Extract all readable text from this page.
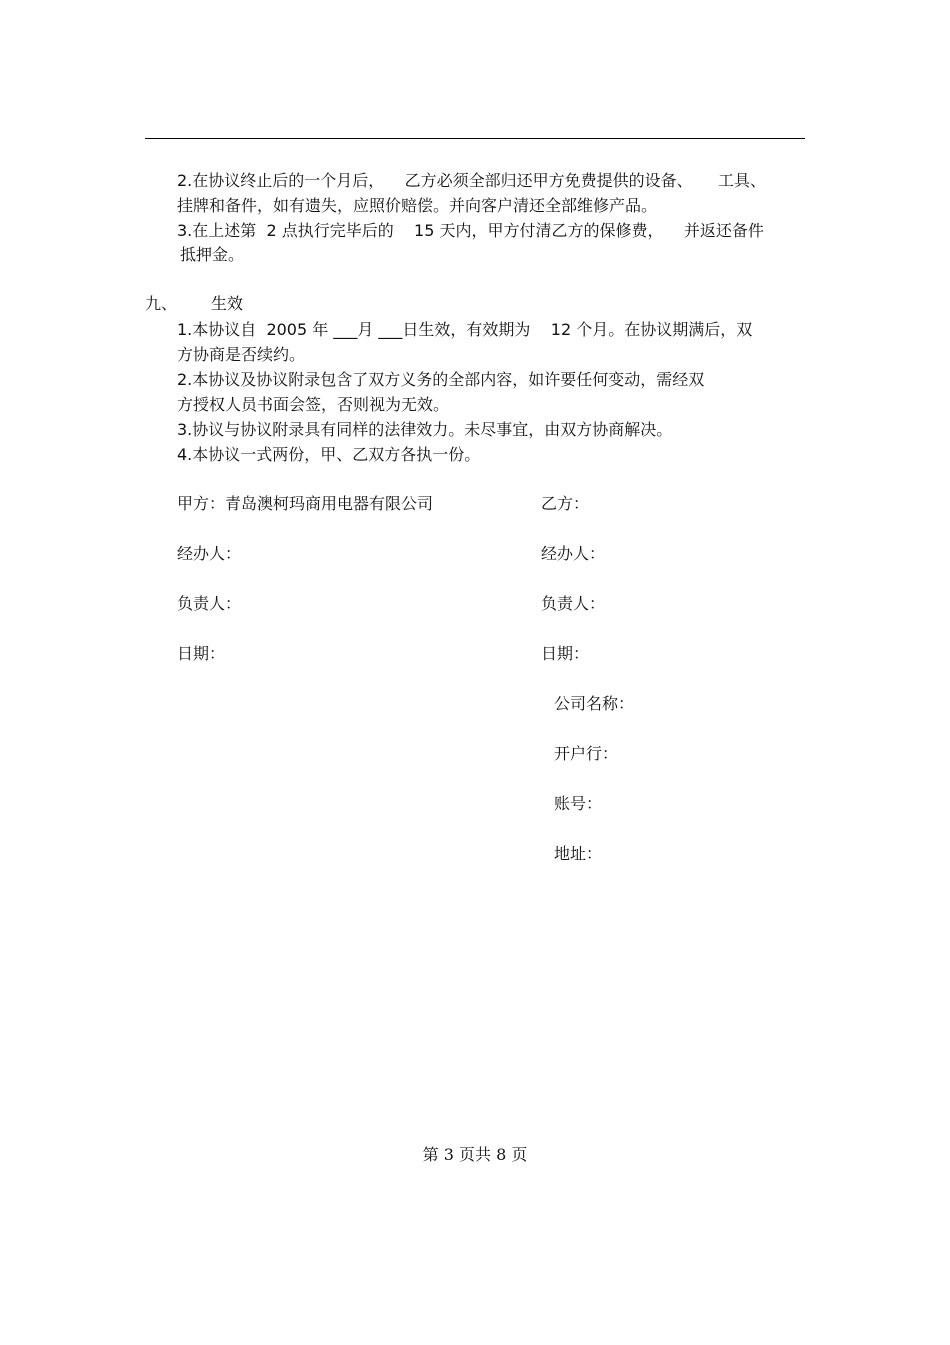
2.在协议终止后的一个月后，    乙方必须全部归还甲方免费提供的设备、     工具、
挂牌和备件，如有遗失，应照价赔偿。并向客户清还全部维修产品。
3.在上述第  2 点执行完毕后的    15 天内，甲方付清乙方的保修费，    并返还备件
抵押金。
九、 生效
1.本协议自  2005 年 ___月 ___日生效，有效期为    12 个月。在协议期满后，双
方协商是否续约。
2.本协议及协议附录包含了双方义务的全部内容，如许要任何变动，需经双
方授权人员书面会签，否则视为无效。
3.协议与协议附录具有同样的法律效力。未尽事宜，由双方协商解决。
4.本协议一式两份，甲、乙双方各执一份。
甲方：青岛澳柯玛商用电器有限公司	乙方：
经办人：	经办人：
负责人：	负责人：
日期：	日期：
公司名称：
开户行：
账号：
地址：
第 3 页共 8 页
